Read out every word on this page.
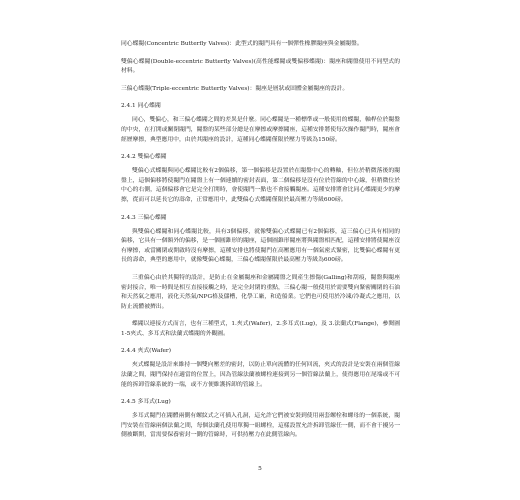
同心蝶閥(Concentric Butterfly Valves)：此型式的閥門具有一個彈性橡膠閥座與金屬閥盤。

雙偏心蝶閥(Double-eccentric Butterfly Valves)(高性能蝶閥或雙偏移蝶閥)：閥座和閥盤使用不同型式的材料。

三偏心蝶閥(Triple-eccentric Butterfly Valves)：閥座是層狀或固體金屬閥座的設計。

2.4.1 同心蝶閥

同心，雙偏心，和三偏心蝶閥之間的差異是什麼。同心蝶閥是一種標準或一般使用的蝶閥，軸桿位於閥盤的中央，在打開或關閉閥門，閥盤的某些部分總是在摩擦或摩擦閥座，這種安排將使每次操作閥門時，閥座會經歷摩擦，典型應用中，由於其閥座的設計，這種同心蝶閥僅限於壓力等級為150磅。

2.4.2 雙偏心蝶閥

雙偏心式蝶閥與同心蝶閥比較有2個偏移，第一個偏移是設置於在閥盤中心的轉軸，但位於稍微落後的閥盤上，這個偏移將使閥門在閥盤上有一個連續的密封表面，第二個偏移是沒有位於管線的中心線，但稍微位於中心的右側，這個偏移會它是完全打開時，會使閥門一點也不會接觸閥座。這種安排將會比同心蝶閥更少的摩擦，從而可以延長它的壽命，正常應用中，此雙偏心式蝶閥僅限於最高壓力等級600磅。

2.4.3 三偏心蝶閥

與雙偏心蝶閥和同心蝶閥比較，具有3個偏移，就像雙偏心式蝶閥已有2個偏移，這三偏心已具有相同的偏移，它具有一個額外的偏移，是一個圓錐形的閥座，這個圓錐形閥座將與閥盤相匹配，這種安排將使閥座沒有摩擦，或當關閉或開啟時沒有摩擦，這種安排也將使閥門在高壓應用有一個氣密式緊密，比雙偏心蝶閥有更長的壽命，典型的應用中，就像雙偏心蝶閥，三偏心蝶閥僅限於最高壓力等級為600磅。

三重偏心由於其獨特的設計，是防止在金屬閥座和金屬閥盤之間產生擦傷(Galling)和刮痕，閥盤與閥座密封接合，唯一時間是相互直接接觸之時，是完全封閉的重點，三偏心閥一般使用於需要雙向緊密關閉的石油和天然氣之應用，液化天然氣/NPG格及儲槽，化學工廠，和造船業。它們也可使用於冷凍/冷凝式之應用，以防止流體被擠出。

蝶閥以連接方式而言，也有三種型式，1.夾式(Wafer)，2.多耳式(Lug)，及 3.法蘭式(Flange)，參閱圖1-5夾式、多耳式和法蘭式蝶閥的外觀圖。

2.4.4 夾式(Wafer)

夾式蝶閥是設計來維持一個雙向壓差的密封，以防止單向流體的任何回流，夾式的設計是安裝在兩個管線法蘭之間，閥門保持在適當的位置上，因為管線法蘭被螺栓連接到另一個管線法蘭上，使得應用在尾端或不可能的拆卸管線系統的一端，或不方便維護拆卸的管線上。

2.4.5 多耳式(Lug)

多耳式閥門在閥體兩側有螺紋式之可插入孔洞，這允許它們被安裝到使用兩套螺栓和螺母的一個系統，閥門安裝在管線兩個法蘭之間，每個法蘭孔使用單獨一組螺栓，這樣設置允許拆卸管線任一側，而不會干擾另一側被斷開，當需要保養密封一側的管線時，可供持壓力在此側管線內。

5
